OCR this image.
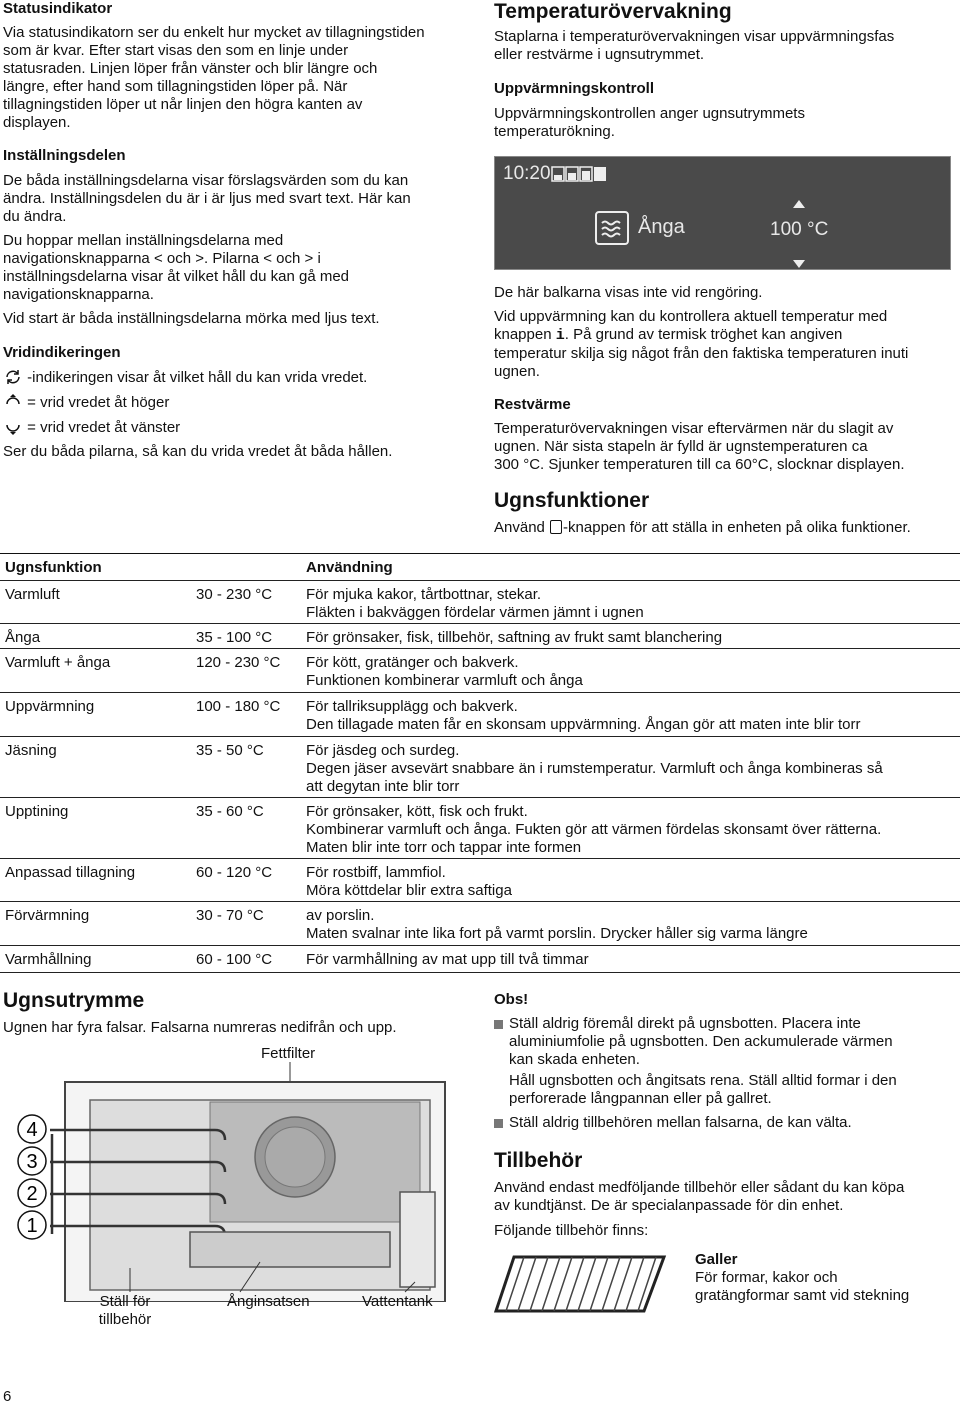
Statusindikator

Via statusindikatorn ser du enkelt hur mycket av tillagningstiden

som är kvar. Efter start visas den som en linje under

statusraden. Linjen löper från vänster och blir längre och

längre, efter hand som tillagningstiden löper på. När

tillagningstiden löper ut når linjen den högra kanten av

displayen.

Inställningsdelen

De båda inställningsdelarna visar förslagsvärden som du kan

ändra. Inställningsdelen du är i är ljus med svart text. Här kan

du ändra.

Du hoppar mellan inställningsdelarna med

navigationsknapparna < och >. Pilarna < och > i

inställningsdelarna visar åt vilket håll du kan gå med

navigationsknapparna.

Vid start är båda inställningsdelarna mörka med ljus text.

Vridindikeringen

-indikeringen visar åt vilket håll du kan vrida vredet.

= vrid vredet åt höger

= vrid vredet åt vänster

Ser du båda pilarna, så kan du vrida vredet åt båda hållen.

Temperaturövervakning

Staplarna i temperaturövervakningen visar uppvärmningsfas

eller restvärme i ugnsutrymmet.

Uppvärmningskontroll

Uppvärmningskontrollen anger ugnsutrymmets

temperaturökning.

10:20
Ånga	100 °C

De här balkarna visas inte vid rengöring.

Vid uppvärmning kan du kontrollera aktuell temperatur med

knappen i. På grund av termisk tröghet kan angiven

temperatur skilja sig något från den faktiska temperaturen inuti

ugnen.

Restvärme

Temperaturövervakningen visar eftervärmen när du slagit av

ugnen. När sista stapeln är fylld är ugnstemperaturen ca

300 °C. Sjunker temperaturen till ca 60°C, slocknar displayen.

Ugnsfunktioner

Använd -knappen för att ställa in enheten på olika funktioner.

Ugnsfunktion	Användning
Varmluft	30 - 230 °C För mjuka kakor, tårtbottnar, stekar.
Fläkten i bakväggen fördelar värmen jämnt i ugnen
Ånga	35 - 100 °C För grönsaker, fisk, tillbehör, saftning av frukt samt blanchering
Varmluft + ånga	120 - 230 °C För kött, gratänger och bakverk.
Funktionen kombinerar varmluft och ånga
Uppvärmning	100 - 180 °C För tallriksupplägg och bakverk.
Den tillagade maten får en skonsam uppvärmning. Ångan gör att maten inte blir torr
Jäsning	35 - 50 °C	För jäsdeg och surdeg.
Degen jäser avsevärt snabbare än i rumstemperatur. Varmluft och ånga kombineras så
att degytan inte blir torr
Upptining	35 - 60 °C	För grönsaker, kött, fisk och frukt.
Kombinerar varmluft och ånga. Fukten gör att värmen fördelas skonsamt över rätterna.
Maten blir inte torr och tappar inte formen
Anpassad tillagning	60 - 120 °C För rostbiff, lammfiol.
Möra köttdelar blir extra saftiga
Förvärmning	30 - 70 °C	av porslin.
Maten svalnar inte lika fort på varmt porslin. Drycker håller sig varma längre
Varmhållning	60 - 100 °C För varmhållning av mat upp till två timmar
Ugnsutrymme

Ugnen har fyra falsar. Falsarna numreras nedifrån och upp.

Fettfilter

4
3
2
1

Ställ för

tillbehör

Ånginsatsen	Vattentank

Obs!

Ställ aldrig föremål direkt på ugnsbotten. Placera inte

aluminiumfolie på ugnsbotten. Den ackumulerade värmen

kan skada enheten.

Håll ugnsbotten och ångitsats rena. Ställ alltid formar i den

perforerade långpannan eller på gallret.

Ställ aldrig tillbehören mellan falsarna, de kan välta.

Tillbehör

Använd endast medföljande tillbehör eller sådant du kan köpa

av kundtjänst. De är specialanpassade för din enhet.

Följande tillbehör finns:

Galler

För formar, kakor och

gratängformar samt vid stekning

6
